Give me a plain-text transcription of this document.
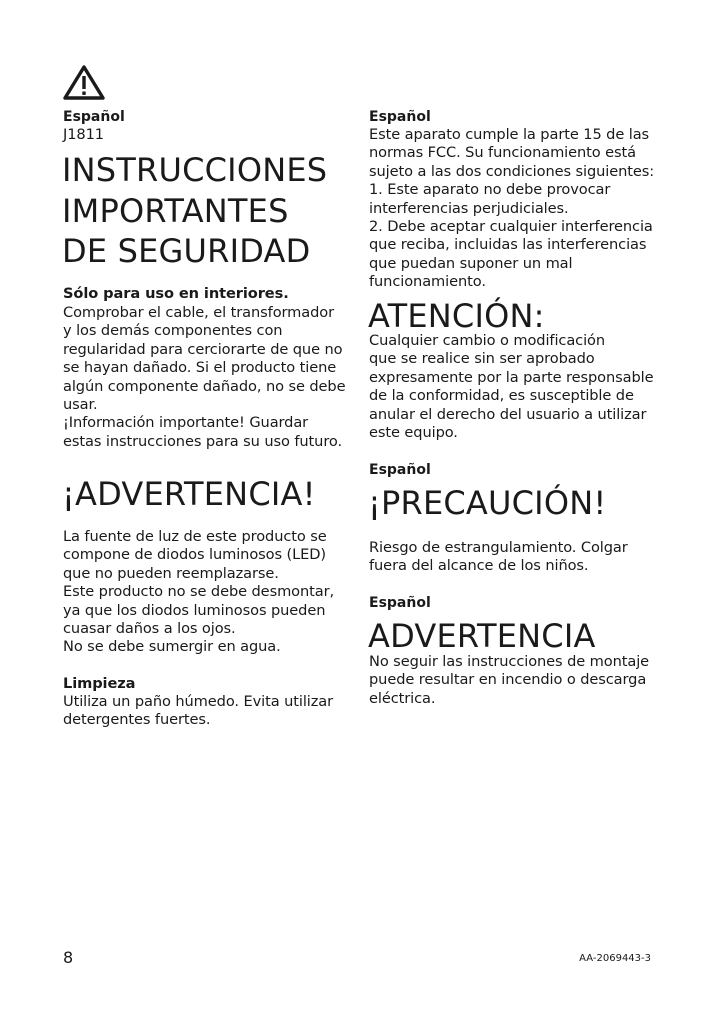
Español
J1811
INSTRUCCIONES
IMPORTANTES
DE SEGURIDAD
Sólo para uso en interiores.
Comprobar el cable, el transformador
y los demás componentes con
regularidad para cerciorarte de que no
se hayan dañado. Si el producto tiene
algún componente dañado, no se debe
usar.
¡Información importante! Guardar
estas instrucciones para su uso futuro.
¡ADVERTENCIA!
La fuente de luz de este producto se
compone de diodos luminosos (LED)
que no pueden reemplazarse.
Este producto no se debe desmontar,
ya que los diodos luminosos pueden
cuasar daños a los ojos.
No se debe sumergir en agua.
Limpieza
Utiliza un paño húmedo. Evita utilizar
detergentes fuertes.
Español
Este aparato cumple la parte 15 de las
normas FCC. Su funcionamiento está
sujeto a las dos condiciones siguientes:
1. Este aparato no debe provocar
interferencias perjudiciales.
2. Debe aceptar cualquier interferencia
que reciba, incluidas las interferencias
que puedan suponer un mal
funcionamiento.
ATENCIÓN:
Cualquier cambio o modificación
que se realice sin ser aprobado
expresamente por la parte responsable
de la conformidad, es susceptible de
anular el derecho del usuario a utilizar
este equipo.
Español
¡PRECAUCIÓN!
Riesgo de estrangulamiento. Colgar
fuera del alcance de los niños.
Español
ADVERTENCIA
No seguir las instrucciones de montaje
puede resultar en incendio o descarga
eléctrica.
8	AA-2069443-3
